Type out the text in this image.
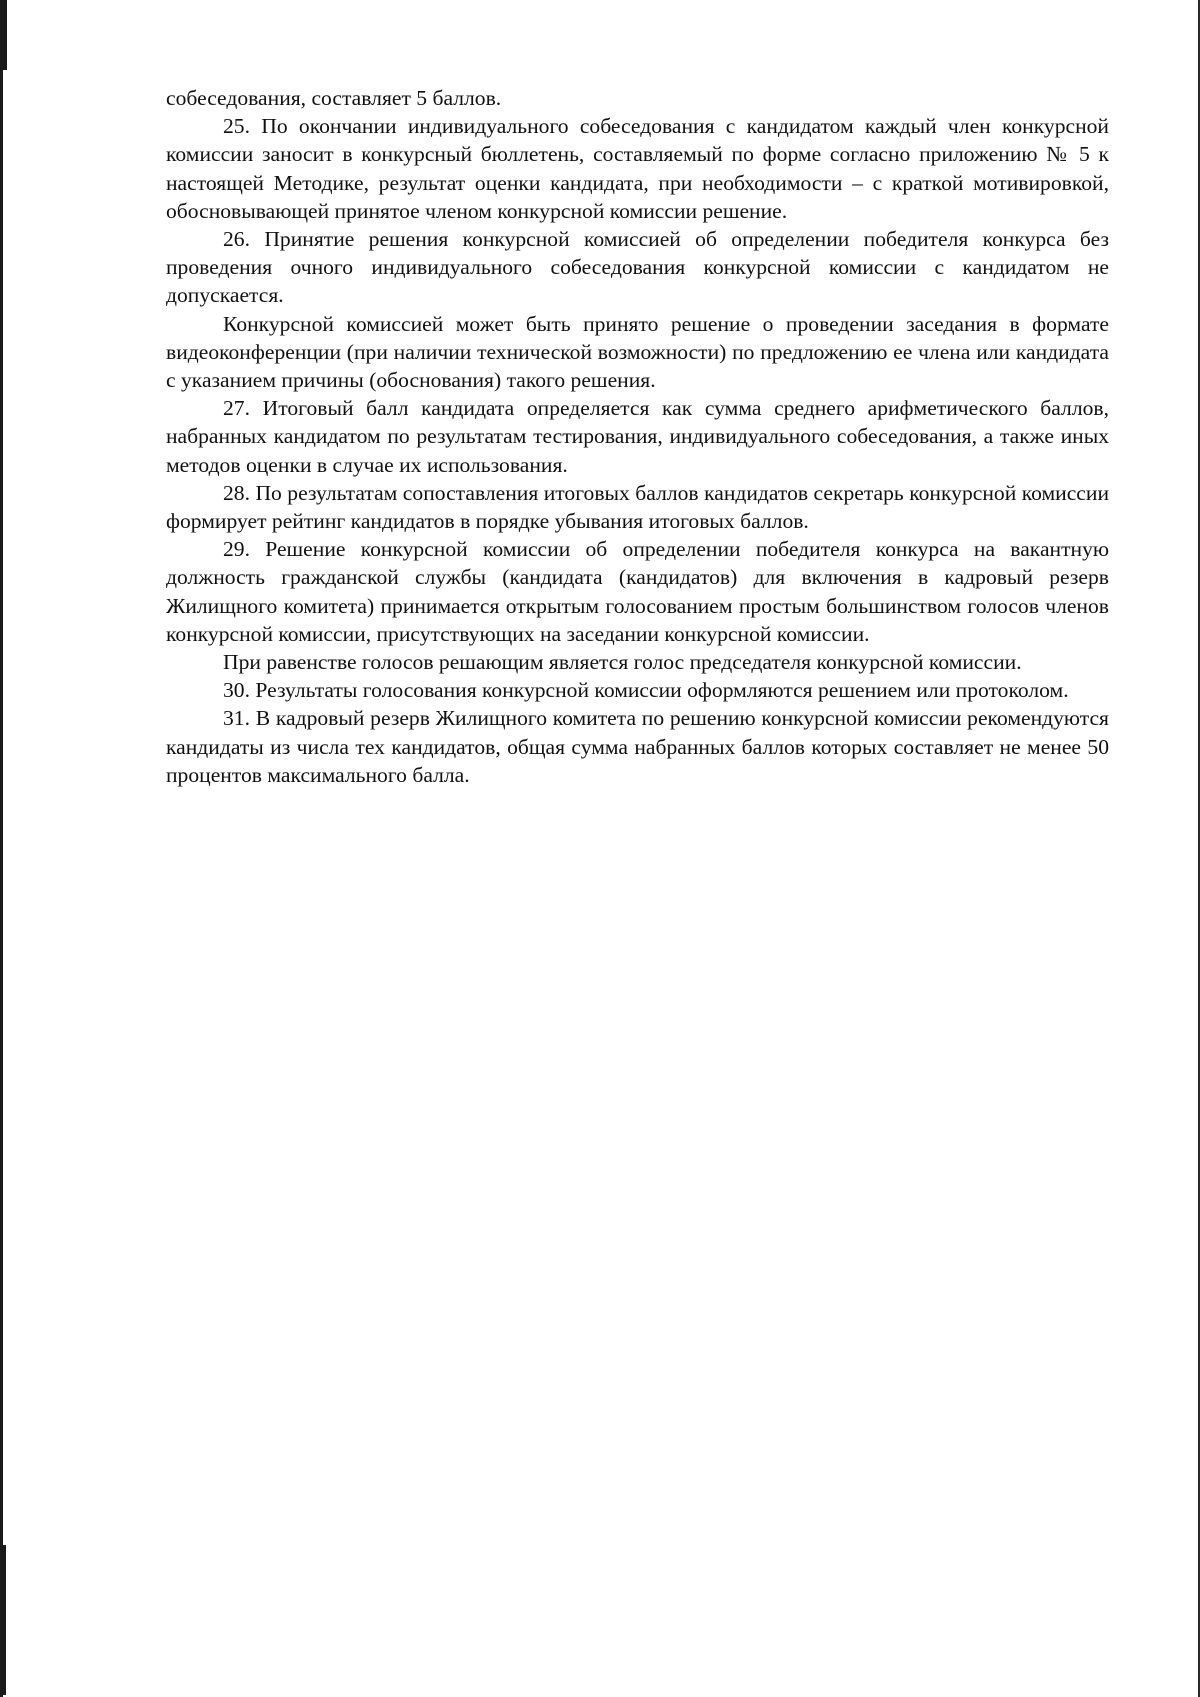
собеседования, составляет 5 баллов.

25. По окончании индивидуального собеседования с кандидатом каждый член конкурсной комиссии заносит в конкурсный бюллетень, составляемый по форме согласно приложению № 5 к настоящей Методике, результат оценки кандидата, при необходимости – с краткой мотивировкой, обосновывающей принятое членом конкурсной комиссии решение.

26. Принятие решения конкурсной комиссией об определении победителя конкурса без проведения очного индивидуального собеседования конкурсной комиссии с кандидатом не допускается.

Конкурсной комиссией может быть принято решение о проведении заседания в формате видеоконференции (при наличии технической возможности) по предложению ее члена или кандидата с указанием причины (обоснования) такого решения.

27. Итоговый балл кандидата определяется как сумма среднего арифметического баллов, набранных кандидатом по результатам тестирования, индивидуального собеседования, а также иных методов оценки в случае их использования.

28. По результатам сопоставления итоговых баллов кандидатов секретарь конкурсной комиссии формирует рейтинг кандидатов в порядке убывания итоговых баллов.

29. Решение конкурсной комиссии об определении победителя конкурса на вакантную должность гражданской службы (кандидата (кандидатов) для включения в кадровый резерв Жилищного комитета) принимается открытым голосованием простым большинством голосов членов конкурсной комиссии, присутствующих на заседании конкурсной комиссии.

При равенстве голосов решающим является голос председателя конкурсной комиссии.

30. Результаты голосования конкурсной комиссии оформляются решением или протоколом.

31. В кадровый резерв Жилищного комитета по решению конкурсной комиссии рекомендуются кандидаты из числа тех кандидатов, общая сумма набранных баллов которых составляет не менее 50 процентов максимального балла.
